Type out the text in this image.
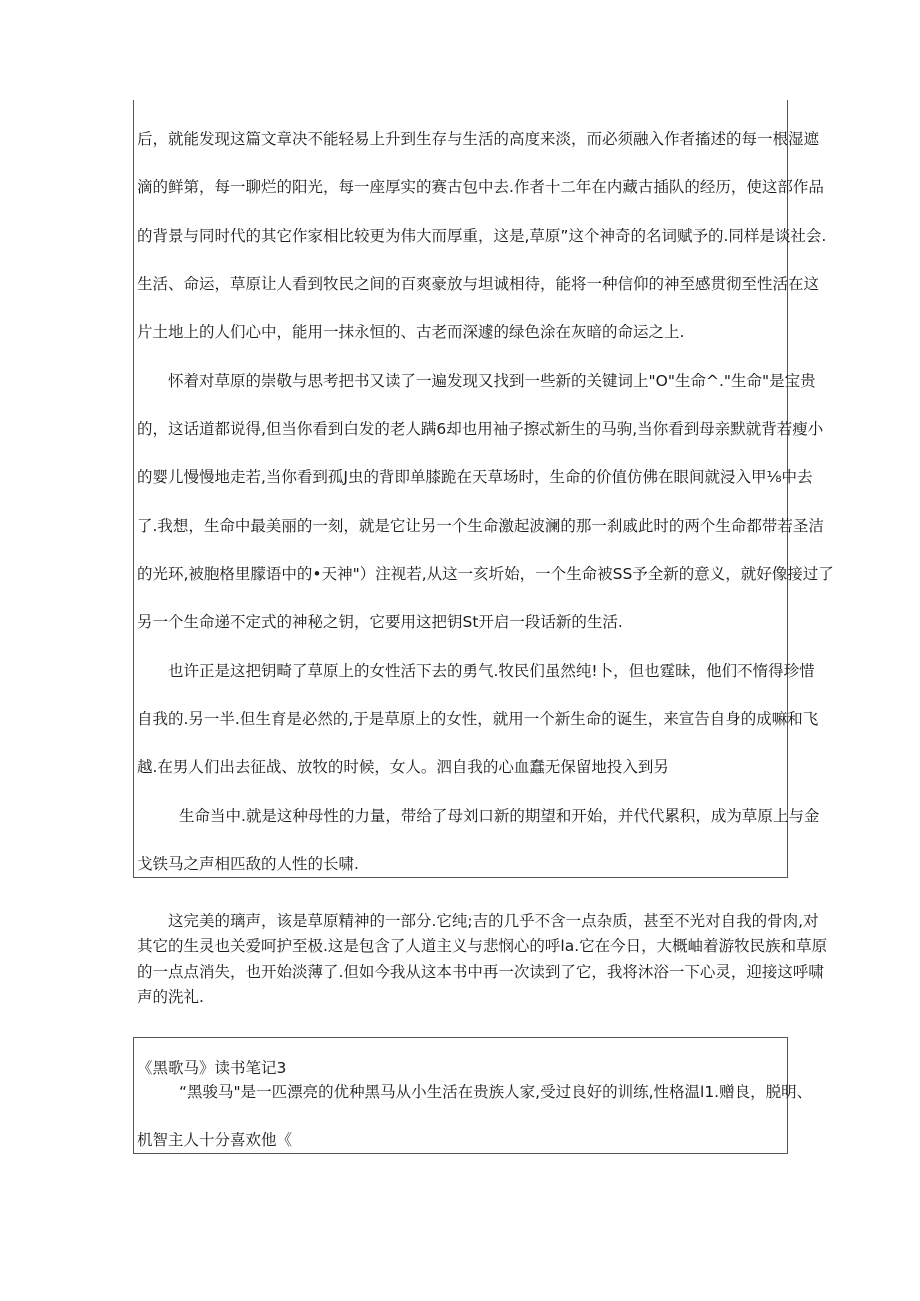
后，就能发现这篇文章决不能轻易上升到生存与生活的高度来淡，而必须融入作者搐述的每一根湿遮
滴的鲜第，每一聊烂的阳光，每一座厚实的赛古包中去.作者十二年在内藏古插队的经历，使这部作品
的背景与同时代的其它作家相比较更为伟大而厚重，这是,草原”这个神奇的名词赋予的.同样是谈社会.
生活、命运，草原让人看到牧民之间的百爽豪放与坦诚相待，能将一种信仰的神至感贯彻至性活在这
片土地上的人们心中，能用一抹永恒的、古老而深遽的绿色涂在灰暗的命运之上.
怀着对草原的崇敬与思考把书又读了一遍发现又找到一些新的关键词上"O"生命^."生命"是宝贵
的，这话道都说得,但当你看到白发的老人蹒6却也用袖子擦忒新生的马驹,当你看到母亲默就背若瘦小
的婴儿慢慢地走若,当你看到孤J虫的背即单膝跪在天草场时，生命的价值仿佛在眼间就浸入甲⅛中去
了.我想，生命中最美丽的一刻，就是它让另一个生命激起波澜的那一刹戚此时的两个生命都带若圣洁
的光环,被胞格里朦语中的•天神"）注视若,从这一亥圻始，一个生命被SS予全新的意义，就好像接过了
另一个生命递不定式的神秘之钥，它要用这把钥St开启一段话新的生活.
也许正是这把钥畸了草原上的女性活下去的勇气.牧民们虽然纯!卜，但也霆昧，他们不惰得珍惜
自我的.另一半.但生育是必然的,于是草原上的女性，就用一个新生命的诞生，来宣告自身的成嘛和飞
越.在男人们出去征战、放牧的时候，女人。泗自我的心血蠢无保留地投入到另
生命当中.就是这种母性的力量，带给了母刘口新的期望和开始，并代代累积，成为草原上与金
戈铁马之声相匹敌的人性的长啸.
这完美的璃声，该是草原精神的一部分.它纯;吉的几乎不含一点杂质，甚至不光对自我的骨肉,对
其它的生灵也关爱呵护至极.这是包含了人道主义与悲悯心的呼la.它在今日，大概岫着游牧民族和草原
的一点点消失，也开始淡薄了.但如今我从这本书中再一次读到了它，我将沐浴一下心灵，迎接这呼啸
声的洗礼.
《黑歌马》读书笔记3
“黑骏马"是一匹漂亮的优种黑马从小生活在贵族人家,受过良好的训练,性格温l1.赠良，脱明、
机智主人十分喜欢他《
